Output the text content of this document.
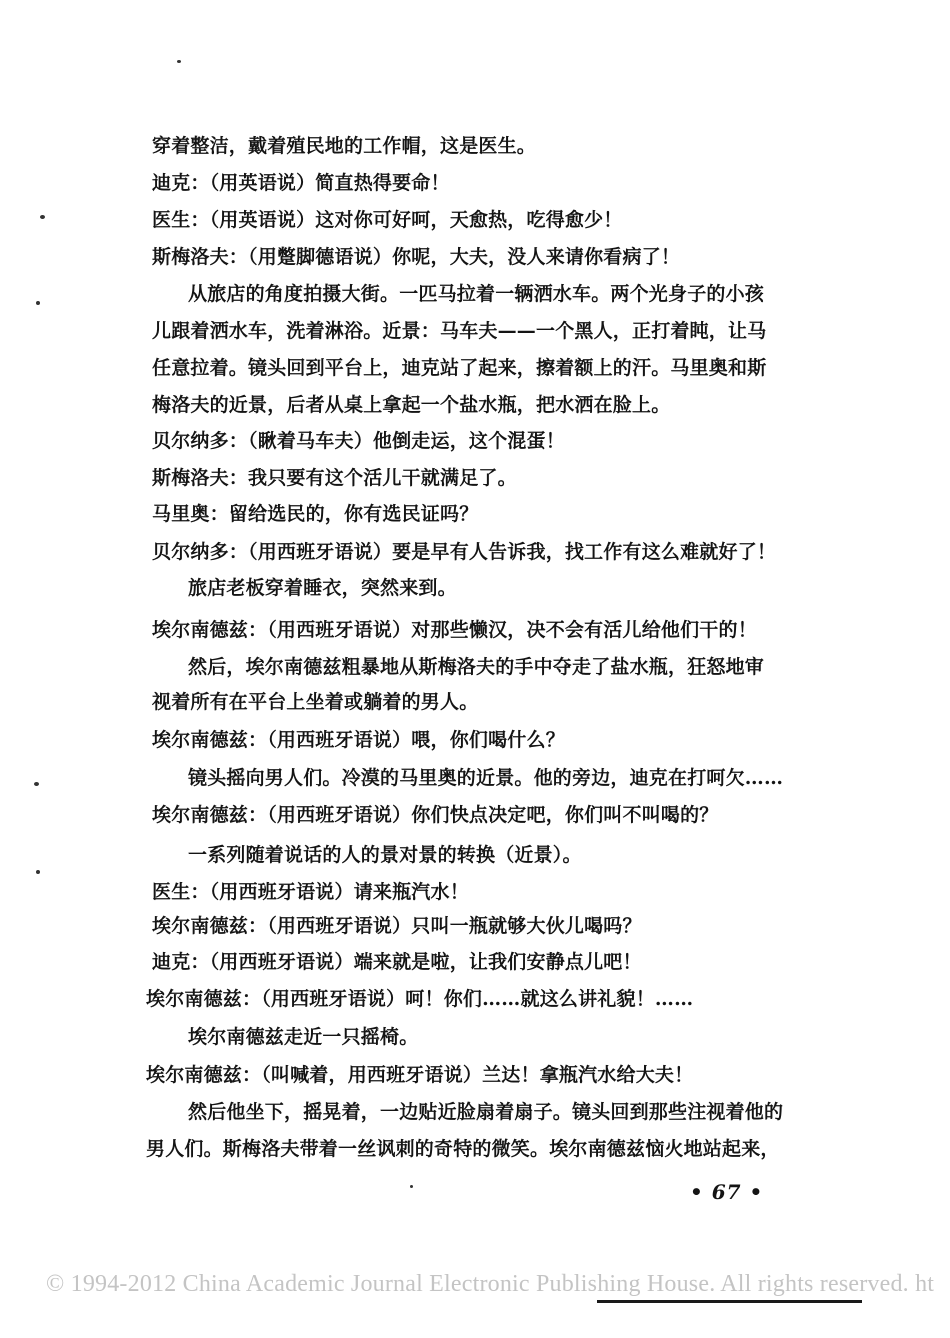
穿着整洁，戴着殖民地的工作帽，这是医生。
迪克：（用英语说）简直热得要命！
医生：（用英语说）这对你可好呵，天愈热，吃得愈少！
斯梅洛夫：（用蹩脚德语说）你呢，大夫，没人来请你看病了！
从旅店的角度拍摄大街。一匹马拉着一辆洒水车。两个光身子的小孩
儿跟着洒水车，洗着淋浴。近景：马车夫——一个黑人，正打着盹，让马
任意拉着。镜头回到平台上，迪克站了起来，擦着额上的汗。马里奥和斯
梅洛夫的近景，后者从桌上拿起一个盐水瓶，把水洒在脸上。
贝尔纳多：（瞅着马车夫）他倒走运，这个混蛋！
斯梅洛夫：我只要有这个活儿干就满足了。
马里奥：留给选民的，你有选民证吗？
贝尔纳多：（用西班牙语说）要是早有人告诉我，找工作有这么难就好了！
旅店老板穿着睡衣，突然来到。
埃尔南德兹：（用西班牙语说）对那些懒汉，决不会有活儿给他们干的！
然后，埃尔南德兹粗暴地从斯梅洛夫的手中夺走了盐水瓶，狂怒地审
视着所有在平台上坐着或躺着的男人。
埃尔南德兹：（用西班牙语说）喂，你们喝什么？
镜头摇向男人们。冷漠的马里奥的近景。他的旁边，迪克在打呵欠……
埃尔南德兹：（用西班牙语说）你们快点决定吧，你们叫不叫喝的？
一系列随着说话的人的景对景的转换（近景）。
医生：（用西班牙语说）请来瓶汽水！
埃尔南德兹：（用西班牙语说）只叫一瓶就够大伙儿喝吗？
迪克：（用西班牙语说）端来就是啦，让我们安静点儿吧！
埃尔南德兹：（用西班牙语说）呵！你们……就这么讲礼貌！……
埃尔南德兹走近一只摇椅。
埃尔南德兹：（叫喊着，用西班牙语说）兰达！拿瓶汽水给大夫！
然后他坐下，摇晃着，一边贴近脸扇着扇子。镜头回到那些注视着他的
男人们。斯梅洛夫带着一丝讽刺的奇特的微笑。埃尔南德兹恼火地站起来，
• 67 •
© 1994-2012 China Academic Journal Electronic Publishing House. All rights reserved. ht
